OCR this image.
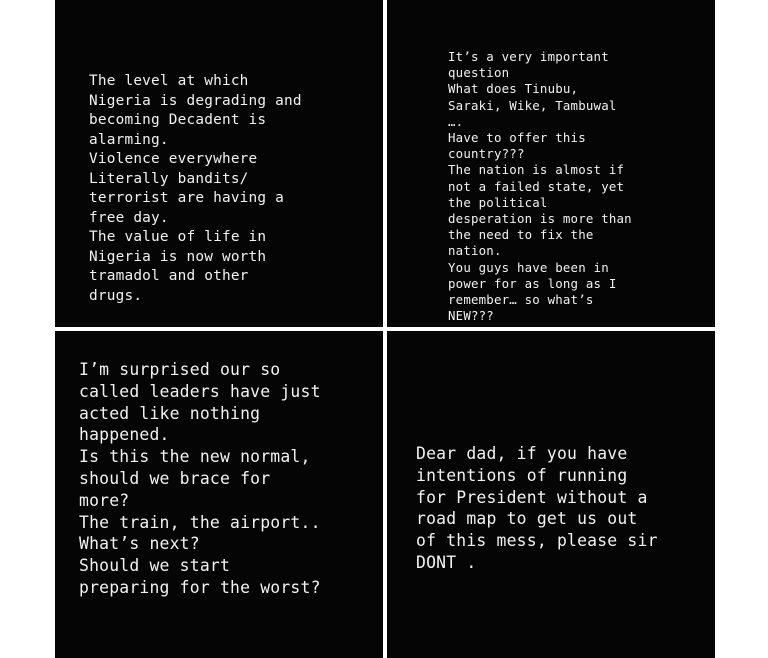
The level at which
Nigeria is degrading and
becoming Decadent is
alarming.
Violence everywhere
Literally bandits/
terrorist are having a
free day.
The value of life in
Nigeria is now worth
tramadol and other
drugs.

It’s a very important
question
What does Tinubu,
Saraki, Wike, Tambuwal
….
Have to offer this
country???
The nation is almost if
not a failed state, yet
the political
desperation is more than
the need to fix the
nation.
You guys have been in
power for as long as I
remember… so what’s
NEW???

I’m surprised our so
called leaders have just
acted like nothing
happened.
Is this the new normal,
should we brace for
more?
The train, the airport..
What’s next?
Should we start
preparing for the worst?

Dear dad, if you have
intentions of running
for President without a
road map to get us out
of this mess, please sir
DONT .
